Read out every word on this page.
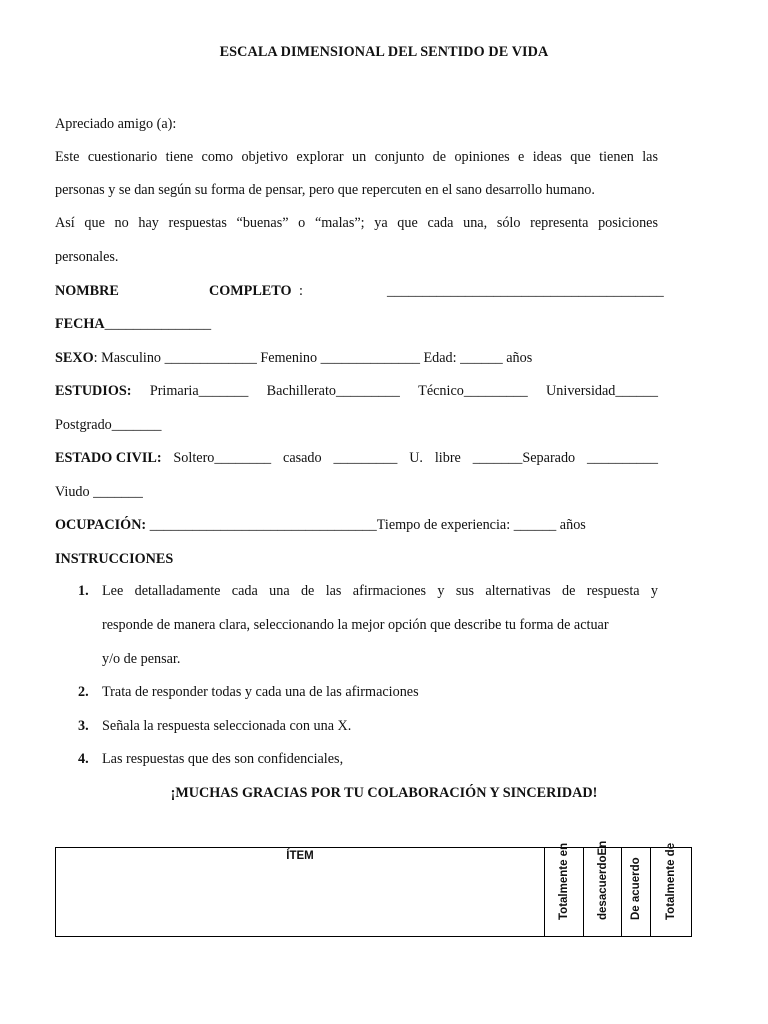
ESCALA DIMENSIONAL DEL SENTIDO DE VIDA
Apreciado amigo (a):
Este cuestionario tiene como objetivo explorar un conjunto de opiniones e ideas que tienen las
personas y se dan según su forma de pensar, pero que repercuten en el sano desarrollo humano.
Así que no hay respuestas “buenas” o “malas”; ya que cada una, sólo representa posiciones
personales.
NOMBRE	COMPLETO :	_______________________________________
FECHA_______________
SEXO: Masculino _____________ Femenino ______________ Edad: ______ años
ESTUDIOS: Primaria_______ Bachillerato_________ Técnico_________ Universidad______
Postgrado_______
ESTADO CIVIL: Soltero________ casado _________ U. libre _______Separado __________
Viudo _______
OCUPACIÓN: ________________________________Tiempo de experiencia: ______ años
INSTRUCCIONES
1. Lee detalladamente cada una de las afirmaciones y sus alternativas de respuesta y
responde de manera clara, seleccionando la mejor opción que describe tu forma de actuar
y/o de pensar.
2. Trata de responder todas y cada una de las afirmaciones
3. Señala la respuesta seleccionada con una X.
4. Las respuestas que des son confidenciales,
¡MUCHAS GRACIAS POR TU COLABORACIÓN Y SINCERIDAD!
ÍTEM	Totalmente en	desacuerdoEn	De acuerdo	Totalmente de
